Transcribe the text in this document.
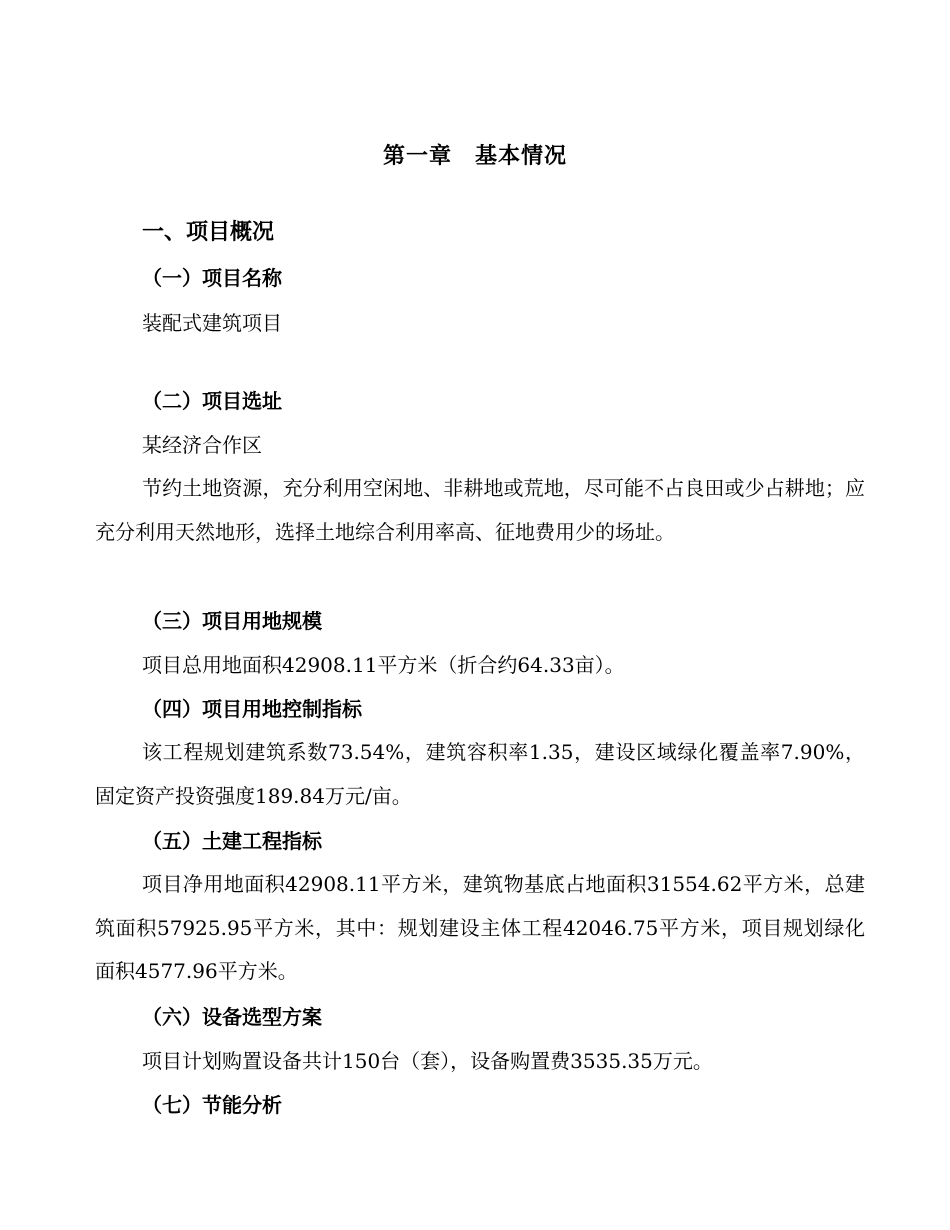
第一章　基本情况
一、项目概况
（一）项目名称

装配式建筑项目

（二）项目选址

某经济合作区

节约土地资源，充分利用空闲地、非耕地或荒地，尽可能不占良田或少占耕地；应充分利用天然地形，选择土地综合利用率高、征地费用少的场址。

（三）项目用地规模

项目总用地面积42908.11平方米（折合约64.33亩）。

（四）项目用地控制指标

该工程规划建筑系数73.54%，建筑容积率1.35，建设区域绿化覆盖率7.90%，固定资产投资强度189.84万元/亩。

（五）土建工程指标

项目净用地面积42908.11平方米，建筑物基底占地面积31554.62平方米，总建筑面积57925.95平方米，其中：规划建设主体工程42046.75平方米，项目规划绿化面积4577.96平方米。

（六）设备选型方案

项目计划购置设备共计150台（套），设备购置费3535.35万元。

（七）节能分析
